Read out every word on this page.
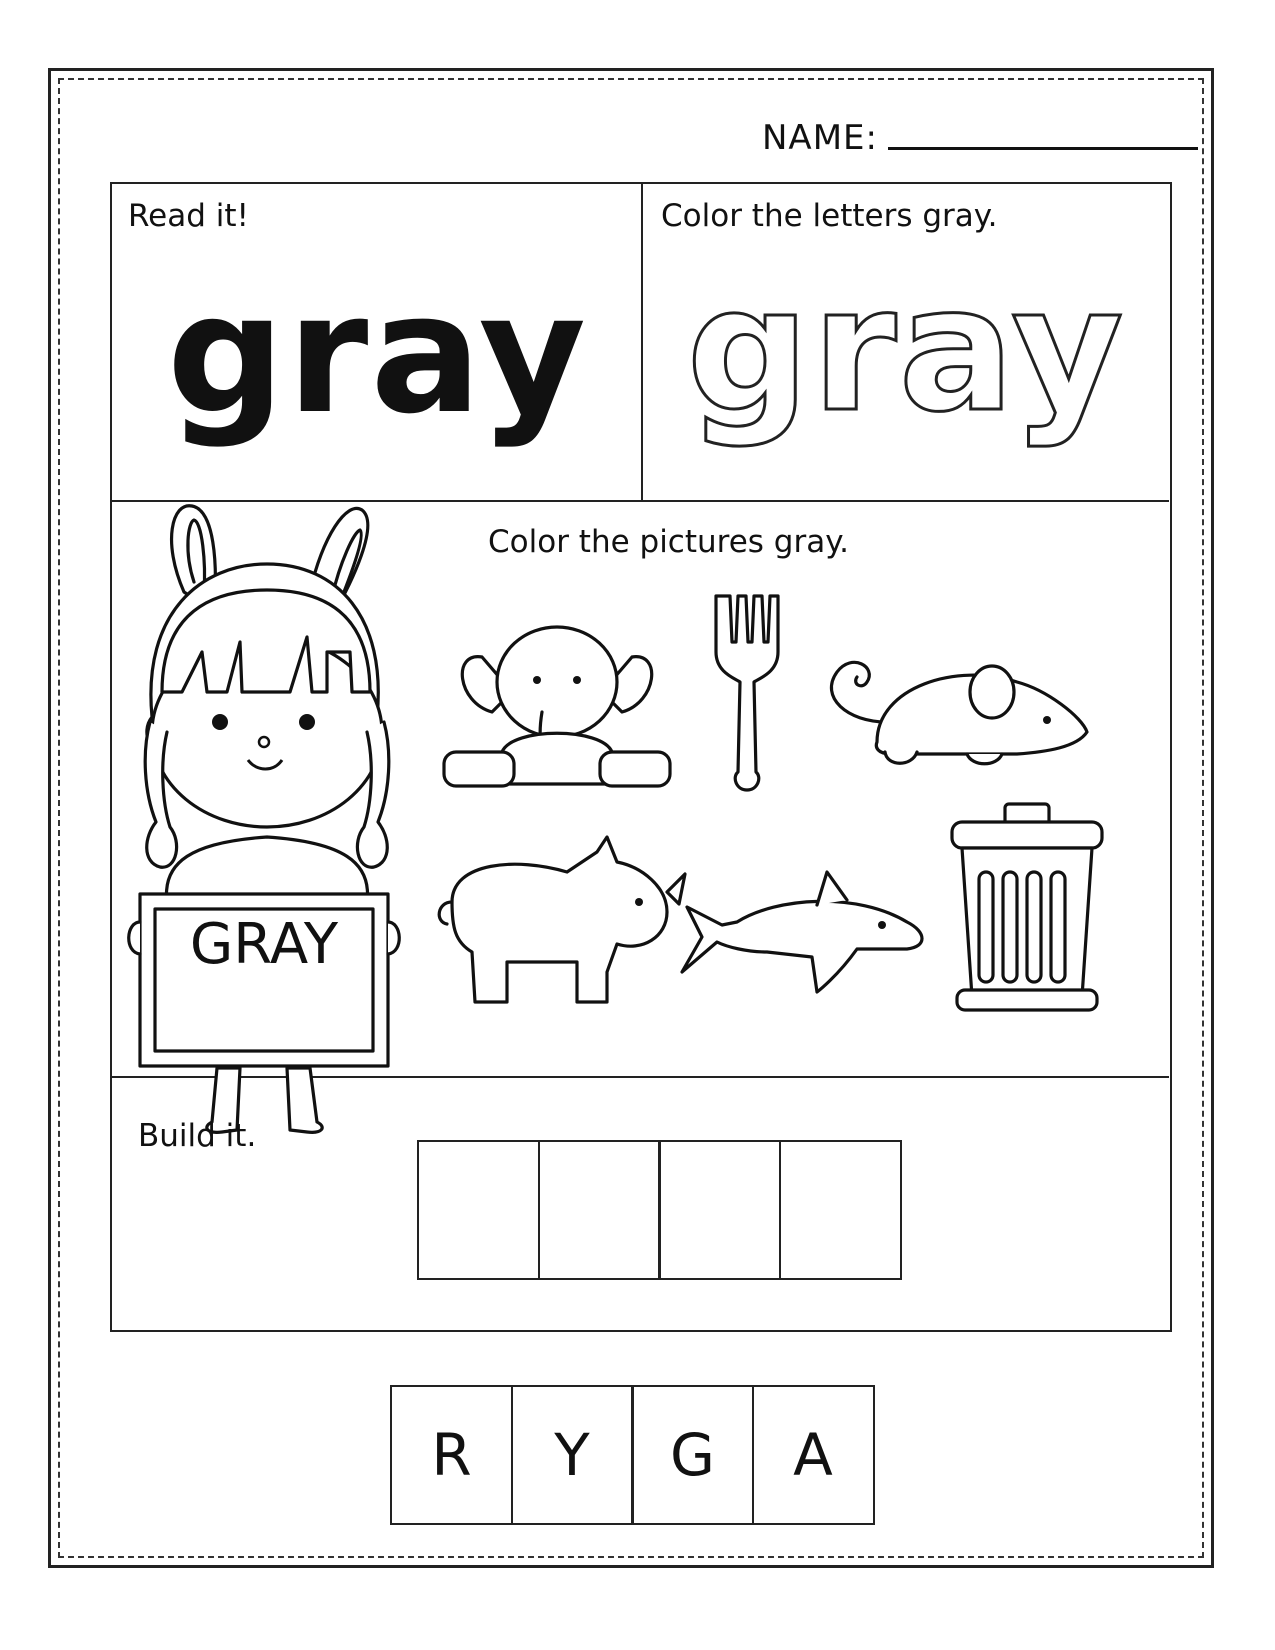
NAME:
Read it!
gray
Color the letters gray.
gray
Color the pictures gray.
GRAY
Build it.
R	Y	G	A
